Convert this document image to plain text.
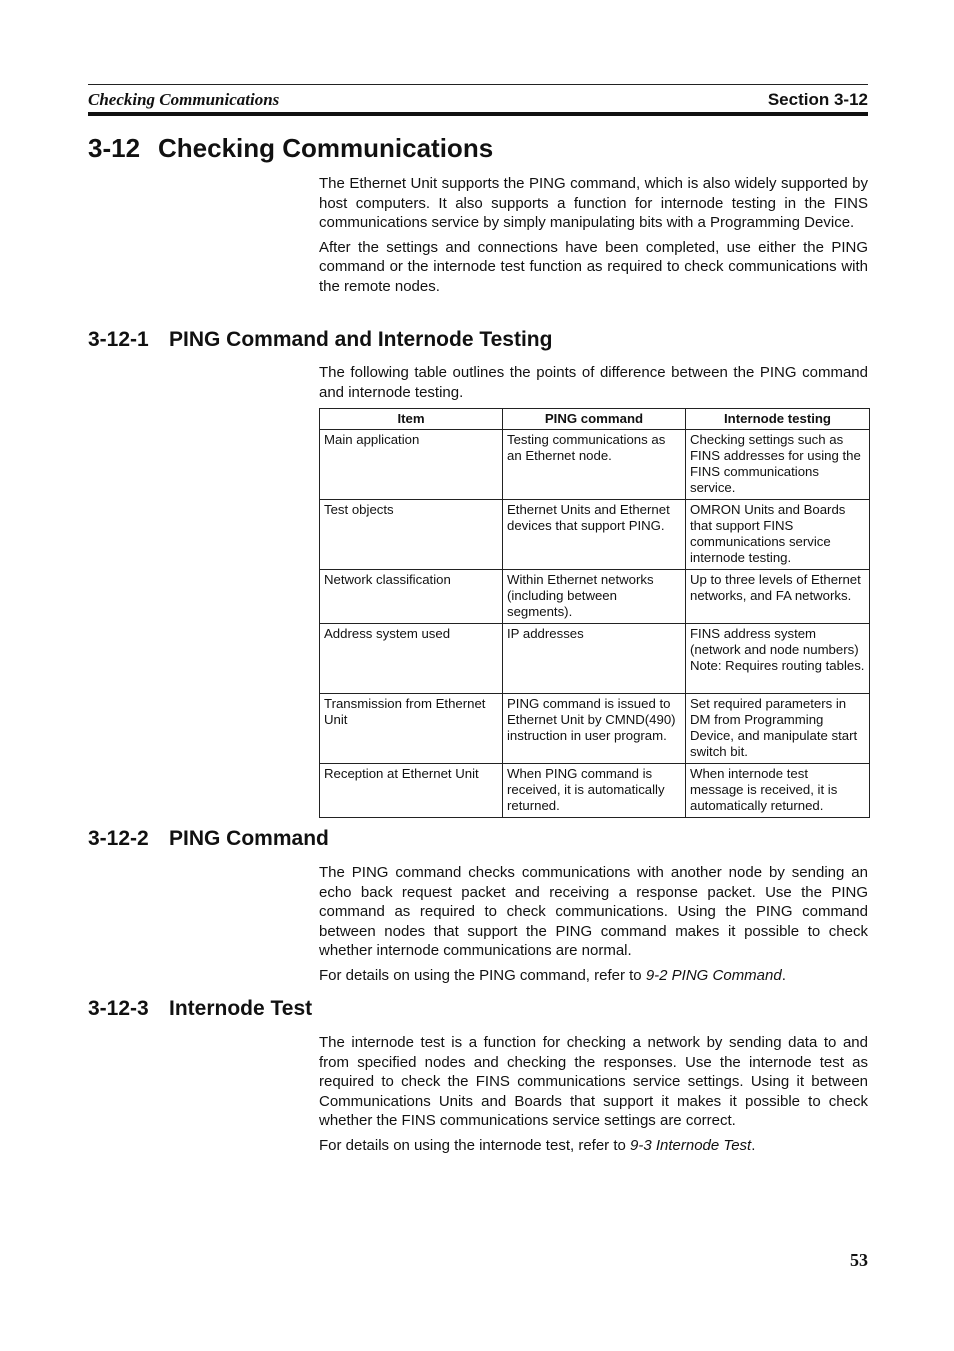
Checking Communications	Section 3-12
3-12 Checking Communications

The Ethernet Unit supports the PING command, which is also widely supported by host computers. It also supports a function for internode testing in the FINS communications service by simply manipulating bits with a Programming Device.

After the settings and connections have been completed, use either the PING command or the internode test function as required to check communications with the remote nodes.

3-12-1 PING Command and Internode Testing

The following table outlines the points of difference between the PING command and internode testing.

Item	PING command	Internode testing
Main application	Testing communications as an Ethernet node.	Checking settings such as FINS addresses for using the FINS communications service.
Test objects	Ethernet Units and Ethernet devices that support PING.	OMRON Units and Boards that support FINS communications service internode testing.
Network classification	Within Ethernet networks (including between segments).	Up to three levels of Ethernet networks, and FA networks.
Address system used	IP addresses	FINS address system (network and node numbers) Note: Requires routing tables.
Transmission from Ethernet Unit	PING command is issued to Ethernet Unit by CMND(490) instruction in user program.	Set required parameters in DM from Programming Device, and manipulate start switch bit.
Reception at Ethernet Unit	When PING command is received, it is automatically returned.	When internode test message is received, it is automatically returned.
3-12-2 PING Command

The PING command checks communications with another node by sending an echo back request packet and receiving a response packet. Use the PING command as required to check communications. Using the PING command between nodes that support the PING command makes it possible to check whether internode communications are normal.

For details on using the PING command, refer to 9-2 PING Command.

3-12-3 Internode Test

The internode test is a function for checking a network by sending data to and from specified nodes and checking the responses. Use the internode test as required to check the FINS communications service settings. Using it between Communications Units and Boards that support it makes it possible to check whether the FINS communications service settings are correct.

For details on using the internode test, refer to 9-3 Internode Test.

53
